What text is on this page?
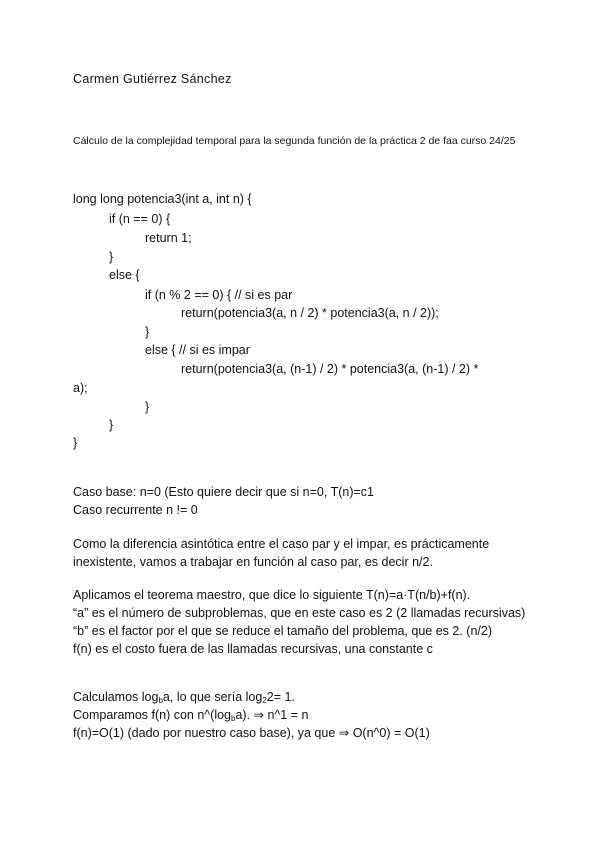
Carmen Gutiérrez Sánchez
Cálculo de la complejidad temporal para la segunda función de la práctica 2 de faa curso 24/25
long long potencia3(int a, int n) {
if (n == 0) {
return 1;
}
else {
if (n % 2 == 0) { // si es par
return(potencia3(a, n / 2) * potencia3(a, n / 2));
}
else { // si es impar
return(potencia3(a, (n-1) / 2) * potencia3(a, (n-1) / 2) *
a);
}
}
}
Caso base: n=0 (Esto quiere decir que si n=0, T(n)=c1
Caso recurrente n != 0
Como la diferencia asintótica entre el caso par y el impar, es prácticamente inexistente, vamos a trabajar en función al caso par, es decir n/2.
Aplicamos el teorema maestro, que dice lo siguiente T(n)=a·T(n/b)+f(n).
“a” es el número de subproblemas, que en este caso es 2 (2 llamadas recursivas)
“b” es el factor por el que se reduce el tamaño del problema, que es 2. (n/2)
f(n) es el costo fuera de las llamadas recursivas, una constante c
Calculamos $\log_ba$, lo que sería $\log_22= 1$.
Comparamos f(n) con $n\^{}(\log_ba)$. ⇒ n^1 = n
f(n)=O(1) (dado por nuestro caso base), ya que ⇒ O(n^0) = O(1)
